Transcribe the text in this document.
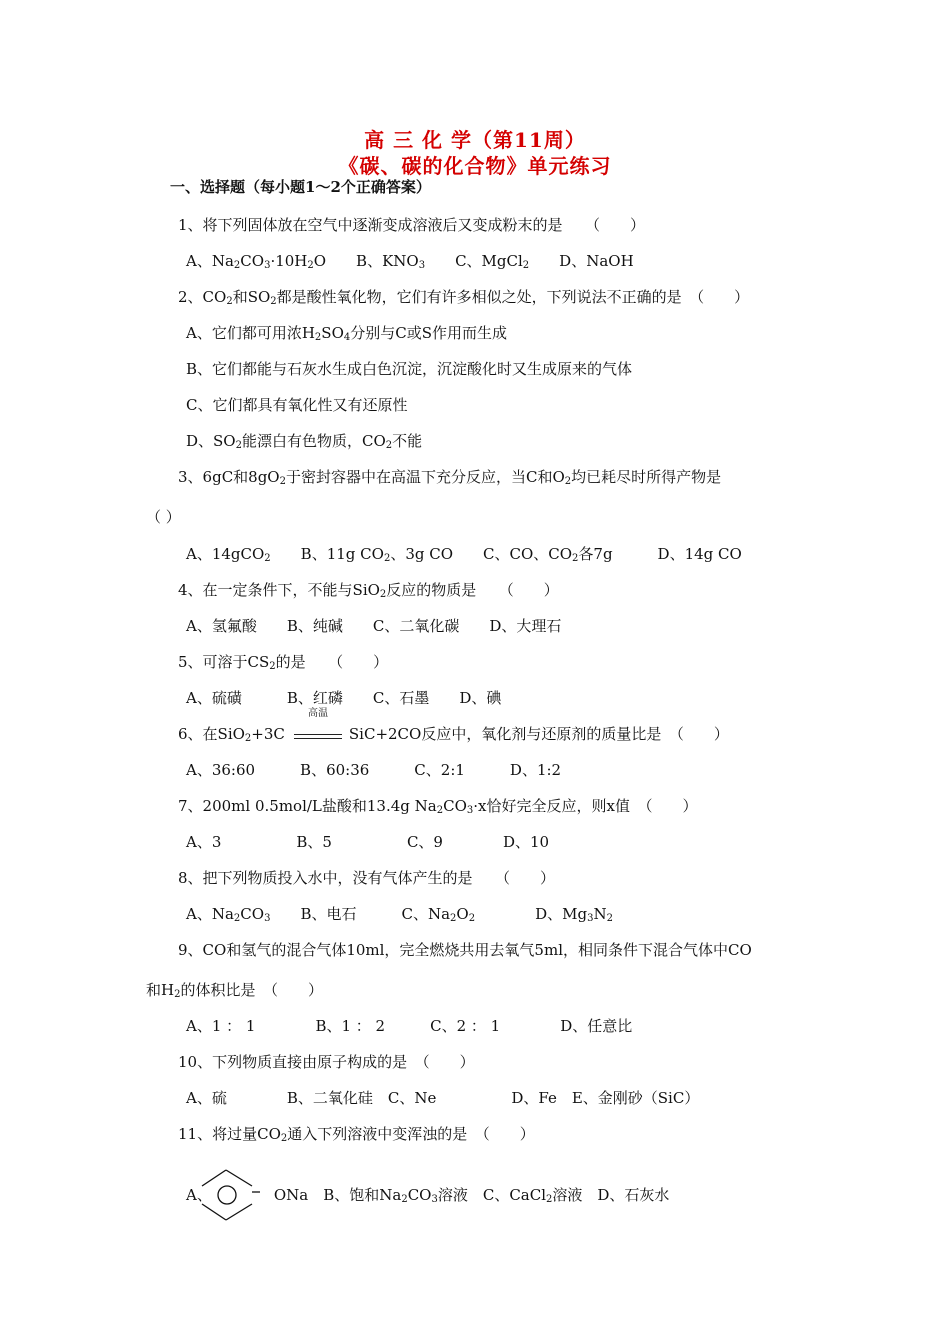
高 三 化 学（第11周）
《碳、碳的化合物》单元练习
一、选择题（每小题1～2个正确答案）
1、将下列固体放在空气中逐渐变成溶液后又变成粉末的是　　（　　）
A、$Na_2CO_3\cdot 10H_2O$　　B、$KNO_3$　　C、MgCl$_2$　　D、NaOH
2、$CO_2$和$SO_2$都是酸性氧化物，它们有许多相似之处，下列说法不正确的是　（　　）
A、它们都可用浓$H_2SO_4$分别与C或S作用而生成
B、它们都能与石灰水生成白色沉淀，沉淀酸化时又生成原来的气体
C、它们都具有氧化性又有还原性
D、$SO_2$能漂白有色物质，$CO_2$不能
3、6gC和$8gO_2$于密封容器中在高温下充分反应，当C和$O_2$均已耗尽时所得产物是
（ ）
A、14gCO$_2$　　B、11g $CO_2$、3g CO　　C、CO、$CO_2$各7g　　　D、14g CO
4、在一定条件下，不能与SiO$_2$反应的物质是　　（　　）
A、氢氟酸　　B、纯碱　　C、二氧化碳　　D、大理石
5、可溶于$CS_2$的是　　（　　）
A、硫磺　　　B、红磷　　C、石墨　　D、碘
6、在SiO$_2$+3C	SiC+2CO反应中，氧化剂与还原剂的质量比是　（　　）
高温
A、36:60　　　B、60:36　　　C、2:1　　　D、1:2
7、200ml 0.5mol/L盐酸和13.4g $Na_2CO_3\cdot x$恰好完全反应，则x值　（　　）
A、3　　　　　B、5　　　　　C、9　　　　D、10
8、把下列物质投入水中，没有气体产生的是　　（　　）
A、$Na_2CO_3$　　B、电石　　　C、$Na_2O_2$　　　　D、$Mg_3N_2$
9、CO和氢气的混合气体10ml，完全燃烧共用去氧气5ml，相同条件下混合气体中CO
和$H_2$的体积比是　（　　）
A、1 ： 1　　　　B、1 ： 2　　　C、2 ： 1　　　　D、任意比
10、下列物质直接由原子构成的是　（　　）
A、硫　　　　B、二氧化硅　C、Ne　　　　　D、Fe　E、金刚砂（SiC）
11、将过量$CO_2$通入下列溶液中变浑浊的是　（　　）
A、	ONa　B、饱和$Na_2CO_3$溶液　C、CaCl$_2$溶液　D、石灰水
